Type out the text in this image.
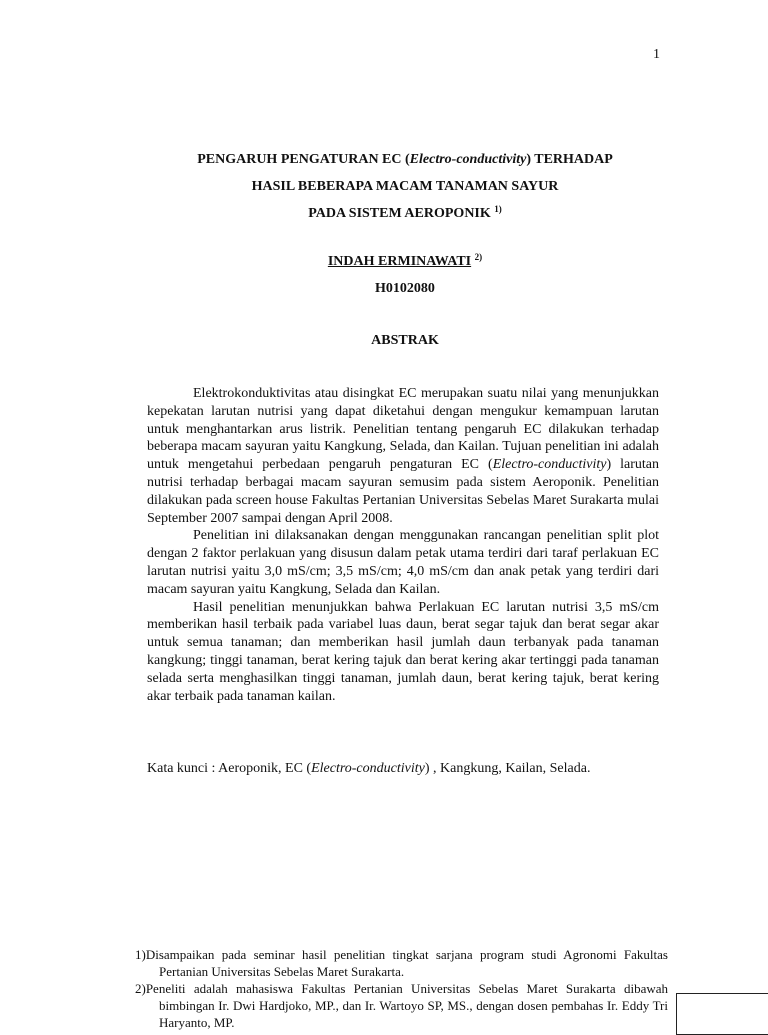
1
PENGARUH PENGATURAN EC (Electro-conductivity) TERHADAP
HASIL BEBERAPA MACAM TANAMAN SAYUR
PADA SISTEM AEROPONIK $^{1)}$
INDAH ERMINAWATI $^{2)}$
H0102080
ABSTRAK

Elektrokonduktivitas atau disingkat EC merupakan suatu nilai yang menunjukkan kepekatan larutan nutrisi yang dapat diketahui dengan mengukur kemampuan larutan untuk menghantarkan arus listrik. Penelitian tentang pengaruh EC dilakukan terhadap beberapa macam sayuran yaitu Kangkung, Selada, dan Kailan. Tujuan penelitian ini adalah untuk mengetahui perbedaan pengaruh pengaturan EC (Electro-conductivity) larutan nutrisi terhadap berbagai macam sayuran semusim pada sistem Aeroponik. Penelitian dilakukan pada screen house Fakultas Pertanian Universitas Sebelas Maret Surakarta mulai September 2007 sampai dengan April 2008.

Penelitian ini dilaksanakan dengan menggunakan rancangan penelitian split plot dengan 2 faktor perlakuan yang disusun dalam petak utama terdiri dari taraf perlakuan EC larutan nutrisi yaitu 3,0 mS/cm; 3,5 mS/cm; 4,0 mS/cm dan anak petak yang terdiri dari macam sayuran yaitu Kangkung, Selada dan Kailan.

Hasil penelitian menunjukkan bahwa Perlakuan EC larutan nutrisi 3,5 mS/cm memberikan hasil terbaik pada variabel luas daun, berat segar tajuk dan berat segar akar untuk semua tanaman; dan memberikan hasil jumlah daun terbanyak pada tanaman kangkung; tinggi tanaman, berat kering tajuk dan berat kering akar tertinggi pada tanaman selada serta menghasilkan tinggi tanaman, jumlah daun, berat kering tajuk, berat kering akar terbaik pada tanaman kailan.

Kata kunci : Aeroponik, EC (Electro-conductivity) , Kangkung, Kailan, Selada.
1)Disampaikan pada seminar hasil penelitian tingkat sarjana program studi Agronomi Fakultas Pertanian Universitas Sebelas Maret Surakarta.
2)Peneliti adalah mahasiswa Fakultas Pertanian Universitas Sebelas Maret Surakarta dibawah bimbingan Ir. Dwi Hardjoko, MP., dan Ir. Wartoyo SP, MS., dengan dosen pembahas Ir. Eddy Tri Haryanto, MP.
